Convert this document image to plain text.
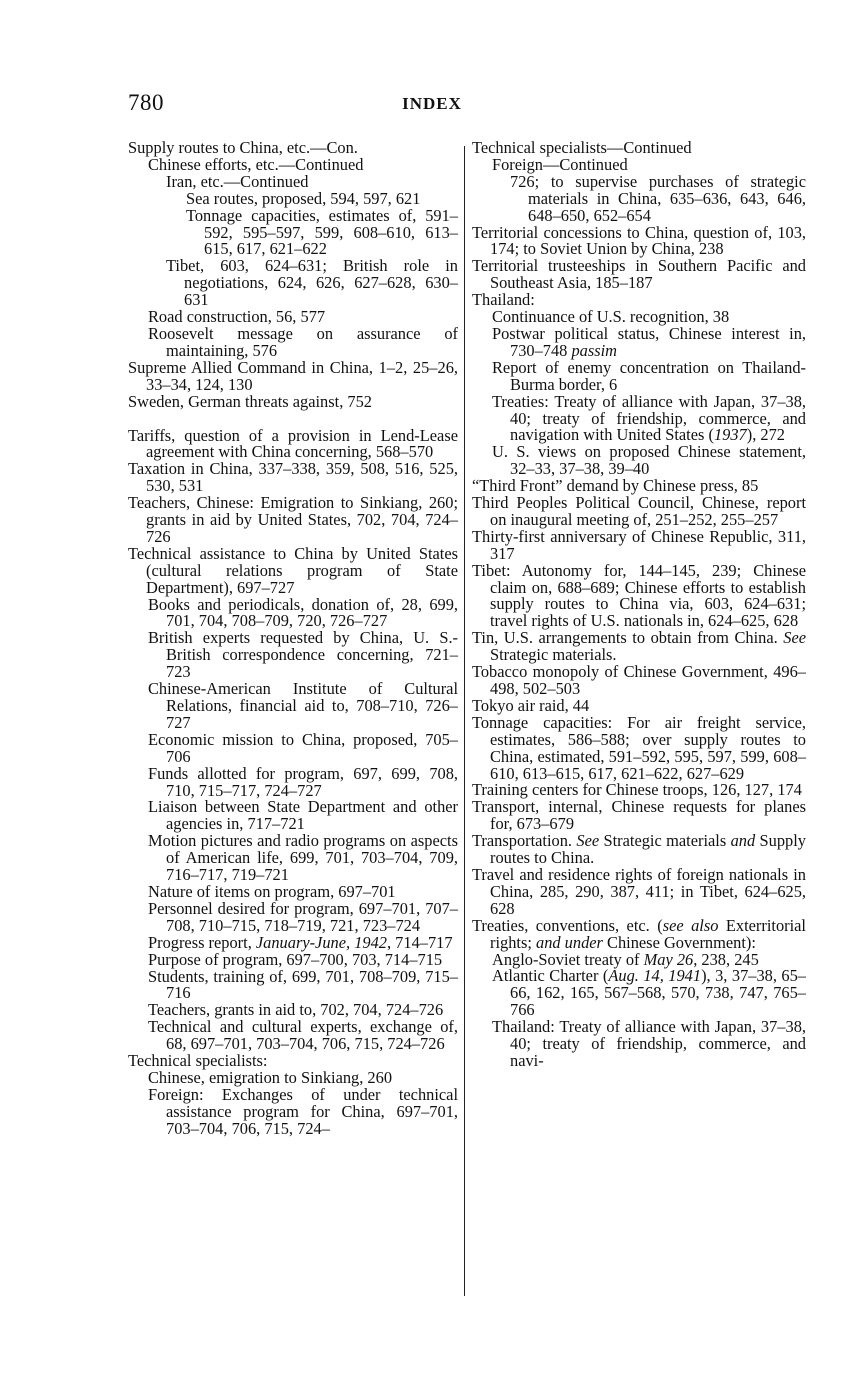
780	INDEX
Supply routes to China, etc.—Con.
Chinese efforts, etc.—Continued
Iran, etc.—Continued
Sea routes, proposed, 594, 597, 621
Tonnage capacities, estimates of, 591–592, 595–597, 599, 608–610, 613–615, 617, 621–622
Tibet, 603, 624–631; British role in negotiations, 624, 626, 627–628, 630–631
Road construction, 56, 577
Roosevelt message on assurance of maintaining, 576
Supreme Allied Command in China, 1–2, 25–26, 33–34, 124, 130
Sweden, German threats against, 752
Tariffs, question of a provision in Lend-Lease agreement with China concerning, 568–570
Taxation in China, 337–338, 359, 508, 516, 525, 530, 531
Teachers, Chinese: Emigration to Sinkiang, 260; grants in aid by United States, 702, 704, 724–726
Technical assistance to China by United States (cultural relations program of State Department), 697–727
Books and periodicals, donation of, 28, 699, 701, 704, 708–709, 720, 726–727
British experts requested by China, U. S.-British correspondence concerning, 721–723
Chinese-American Institute of Cultural Relations, financial aid to, 708–710, 726–727
Economic mission to China, proposed, 705–706
Funds allotted for program, 697, 699, 708, 710, 715–717, 724–727
Liaison between State Department and other agencies in, 717–721
Motion pictures and radio programs on aspects of American life, 699, 701, 703–704, 709, 716–717, 719–721
Nature of items on program, 697–701
Personnel desired for program, 697–701, 707–708, 710–715, 718–719, 721, 723–724
Progress report, January-June, 1942, 714–717
Purpose of program, 697–700, 703, 714–715
Students, training of, 699, 701, 708–709, 715–716
Teachers, grants in aid to, 702, 704, 724–726
Technical and cultural experts, exchange of, 68, 697–701, 703–704, 706, 715, 724–726
Technical specialists:
Chinese, emigration to Sinkiang, 260
Foreign: Exchanges of under technical assistance program for China, 697–701, 703–704, 706, 715, 724–
Technical specialists—Continued
Foreign—Continued
726; to supervise purchases of strategic materials in China, 635–636, 643, 646, 648–650, 652–654
Territorial concessions to China, question of, 103, 174; to Soviet Union by China, 238
Territorial trusteeships in Southern Pacific and Southeast Asia, 185–187
Thailand:
Continuance of U.S. recognition, 38
Postwar political status, Chinese interest in, 730–748 passim
Report of enemy concentration on Thailand-Burma border, 6
Treaties: Treaty of alliance with Japan, 37–38, 40; treaty of friendship, commerce, and navigation with United States (1937), 272
U. S. views on proposed Chinese statement, 32–33, 37–38, 39–40
“Third Front” demand by Chinese press, 85
Third Peoples Political Council, Chinese, report on inaugural meeting of, 251–252, 255–257
Thirty-first anniversary of Chinese Republic, 311, 317
Tibet: Autonomy for, 144–145, 239; Chinese claim on, 688–689; Chinese efforts to establish supply routes to China via, 603, 624–631; travel rights of U.S. nationals in, 624–625, 628
Tin, U.S. arrangements to obtain from China. See Strategic materials.
Tobacco monopoly of Chinese Government, 496–498, 502–503
Tokyo air raid, 44
Tonnage capacities: For air freight service, estimates, 586–588; over supply routes to China, estimated, 591–592, 595, 597, 599, 608–610, 613–615, 617, 621–622, 627–629
Training centers for Chinese troops, 126, 127, 174
Transport, internal, Chinese requests for planes for, 673–679
Transportation. See Strategic materials and Supply routes to China.
Travel and residence rights of foreign nationals in China, 285, 290, 387, 411; in Tibet, 624–625, 628
Treaties, conventions, etc. (see also Exterritorial rights; and under Chinese Government):
Anglo-Soviet treaty of May 26, 238, 245
Atlantic Charter (Aug. 14, 1941), 3, 37–38, 65–66, 162, 165, 567–568, 570, 738, 747, 765–766
Thailand: Treaty of alliance with Japan, 37–38, 40; treaty of friendship, commerce, and navi-
